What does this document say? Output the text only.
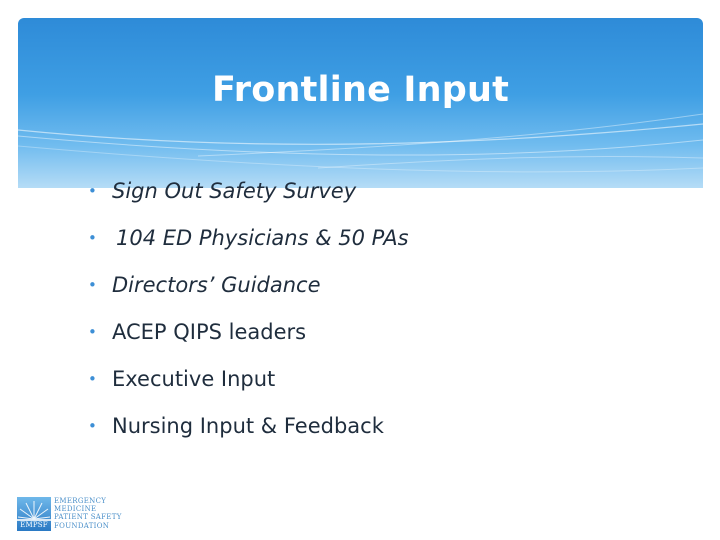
Frontline Input
• Sign Out Safety Survey
• 104 ED Physicians & 50 PAs
• Directors’ Guidance
• ACEP QIPS leaders
• Executive Input
• Nursing Input & Feedback
EMPSF
EMERGENCY
MEDICINE
PATIENT SAFETY
FOUNDATION
